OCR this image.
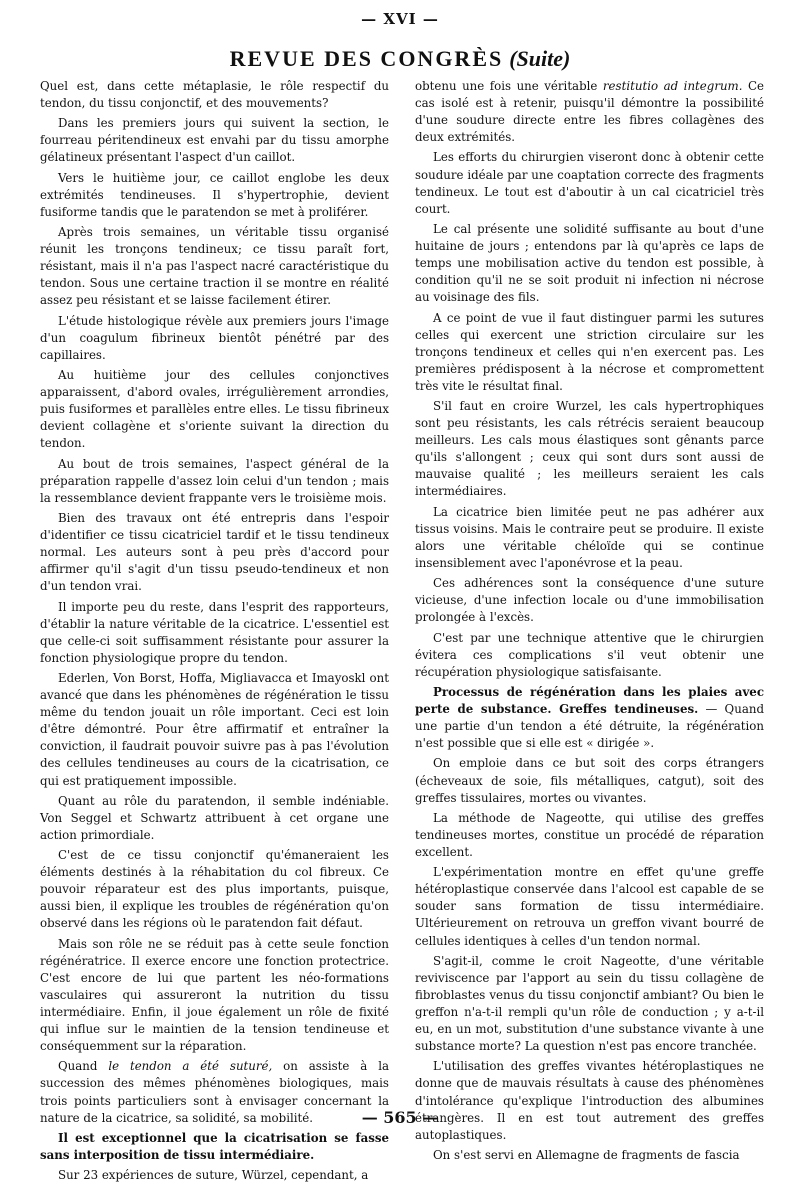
— XVI —
REVUE DES CONGRÈS (Suite)

Quel est, dans cette métaplasie, le rôle respectif du tendon, du tissu conjonctif, et des mouvements?

Dans les premiers jours qui suivent la section, le fourreau péritendineux est envahi par du tissu amorphe gélatineux présentant l'aspect d'un caillot.

Vers le huitième jour, ce caillot englobe les deux extrémités tendineuses. Il s'hypertrophie, devient fusiforme tandis que le paratendon se met à proliférer.

Après trois semaines, un véritable tissu organisé réunit les tronçons tendineux; ce tissu paraît fort, résistant, mais il n'a pas l'aspect nacré caractéristique du tendon. Sous une certaine traction il se montre en réalité assez peu résistant et se laisse facilement étirer.

L'étude histologique révèle aux premiers jours l'image d'un coagulum fibrineux bientôt pénétré par des capillaires.

Au huitième jour des cellules conjonctives apparaissent, d'abord ovales, irrégulièrement arrondies, puis fusiformes et parallèles entre elles. Le tissu fibrineux devient collagène et s'oriente suivant la direction du tendon.

Au bout de trois semaines, l'aspect général de la préparation rappelle d'assez loin celui d'un tendon ; mais la ressemblance devient frappante vers le troisième mois.

Bien des travaux ont été entrepris dans l'espoir d'identifier ce tissu cicatriciel tardif et le tissu tendineux normal. Les auteurs sont à peu près d'accord pour affirmer qu'il s'agit d'un tissu pseudo-tendineux et non d'un tendon vrai.

Il importe peu du reste, dans l'esprit des rapporteurs, d'établir la nature véritable de la cicatrice. L'essentiel est que celle-ci soit suffisamment résistante pour assurer la fonction physiologique propre du tendon.

Ederlen, Von Borst, Hoffa, Migliavacca et Imayoskl ont avancé que dans les phénomènes de régénération le tissu même du tendon jouait un rôle important. Ceci est loin d'être démontré. Pour être affirmatif et entraîner la conviction, il faudrait pouvoir suivre pas à pas l'évolution des cellules tendineuses au cours de la cicatrisation, ce qui est pratiquement impossible.

Quant au rôle du paratendon, il semble indéniable. Von Seggel et Schwartz attribuent à cet organe une action primordiale.

C'est de ce tissu conjonctif qu'émaneraient les éléments destinés à la réhabitation du col fibreux. Ce pouvoir réparateur est des plus importants, puisque, aussi bien, il explique les troubles de régénération qu'on observé dans les régions où le paratendon fait défaut.

Mais son rôle ne se réduit pas à cette seule fonction régénératrice. Il exerce encore une fonction protectrice. C'est encore de lui que partent les néo-formations vasculaires qui assureront la nutrition du tissu intermédiaire. Enfin, il joue également un rôle de fixité qui influe sur le maintien de la tension tendineuse et conséquemment sur la réparation.

Quand le tendon a été suturé, on assiste à la succession des mêmes phénomènes biologiques, mais trois points particuliers sont à envisager concernant la nature de la cicatrice, sa solidité, sa mobilité.

Il est exceptionnel que la cicatrisation se fasse sans interposition de tissu intermédiaire.

Sur 23 expériences de suture, Würzel, cependant, a

obtenu une fois une véritable restitutio ad integrum. Ce cas isolé est à retenir, puisqu'il démontre la possibilité d'une soudure directe entre les fibres collagènes des deux extrémités.

Les efforts du chirurgien viseront donc à obtenir cette soudure idéale par une coaptation correcte des fragments tendineux. Le tout est d'aboutir à un cal cicatriciel très court.

Le cal présente une solidité suffisante au bout d'une huitaine de jours ; entendons par là qu'après ce laps de temps une mobilisation active du tendon est possible, à condition qu'il ne se soit produit ni infection ni nécrose au voisinage des fils.

A ce point de vue il faut distinguer parmi les sutures celles qui exercent une striction circulaire sur les tronçons tendineux et celles qui n'en exercent pas. Les premières prédisposent à la nécrose et compromettent très vite le résultat final.

S'il faut en croire Wurzel, les cals hypertrophiques sont peu résistants, les cals rétrécis seraient beaucoup meilleurs. Les cals mous élastiques sont gênants parce qu'ils s'allongent ; ceux qui sont durs sont aussi de mauvaise qualité ; les meilleurs seraient les cals intermédiaires.

La cicatrice bien limitée peut ne pas adhérer aux tissus voisins. Mais le contraire peut se produire. Il existe alors une véritable chéloïde qui se continue insensiblement avec l'aponévrose et la peau.

Ces adhérences sont la conséquence d'une suture vicieuse, d'une infection locale ou d'une immobilisation prolongée à l'excès.

C'est par une technique attentive que le chirurgien évitera ces complications s'il veut obtenir une récupération physiologique satisfaisante.

Processus de régénération dans les plaies avec perte de substance. Greffes tendineuses. — Quand une partie d'un tendon a été détruite, la régénération n'est possible que si elle est « dirigée ».

On emploie dans ce but soit des corps étrangers (écheveaux de soie, fils métalliques, catgut), soit des greffes tissulaires, mortes ou vivantes.

La méthode de Nageotte, qui utilise des greffes tendineuses mortes, constitue un procédé de réparation excellent.

L'expérimentation montre en effet qu'une greffe hétéroplastique conservée dans l'alcool est capable de se souder sans formation de tissu intermédiaire. Ultérieurement on retrouva un greffon vivant bourré de cellules identiques à celles d'un tendon normal.

S'agit-il, comme le croit Nageotte, d'une véritable reviviscence par l'apport au sein du tissu collagène de fibroblastes venus du tissu conjonctif ambiant? Ou bien le greffon n'a-t-il rempli qu'un rôle de conduction ; y a-t-il eu, en un mot, substitution d'une substance vivante à une substance morte? La question n'est pas encore tranchée.

L'utilisation des greffes vivantes hétéroplastiques ne donne que de mauvais résultats à cause des phénomènes d'intolérance qu'explique l'introduction des albumines étrangères. Il en est tout autrement des greffes autoplastiques.

On s'est servi en Allemagne de fragments de fascia

— 565 —
